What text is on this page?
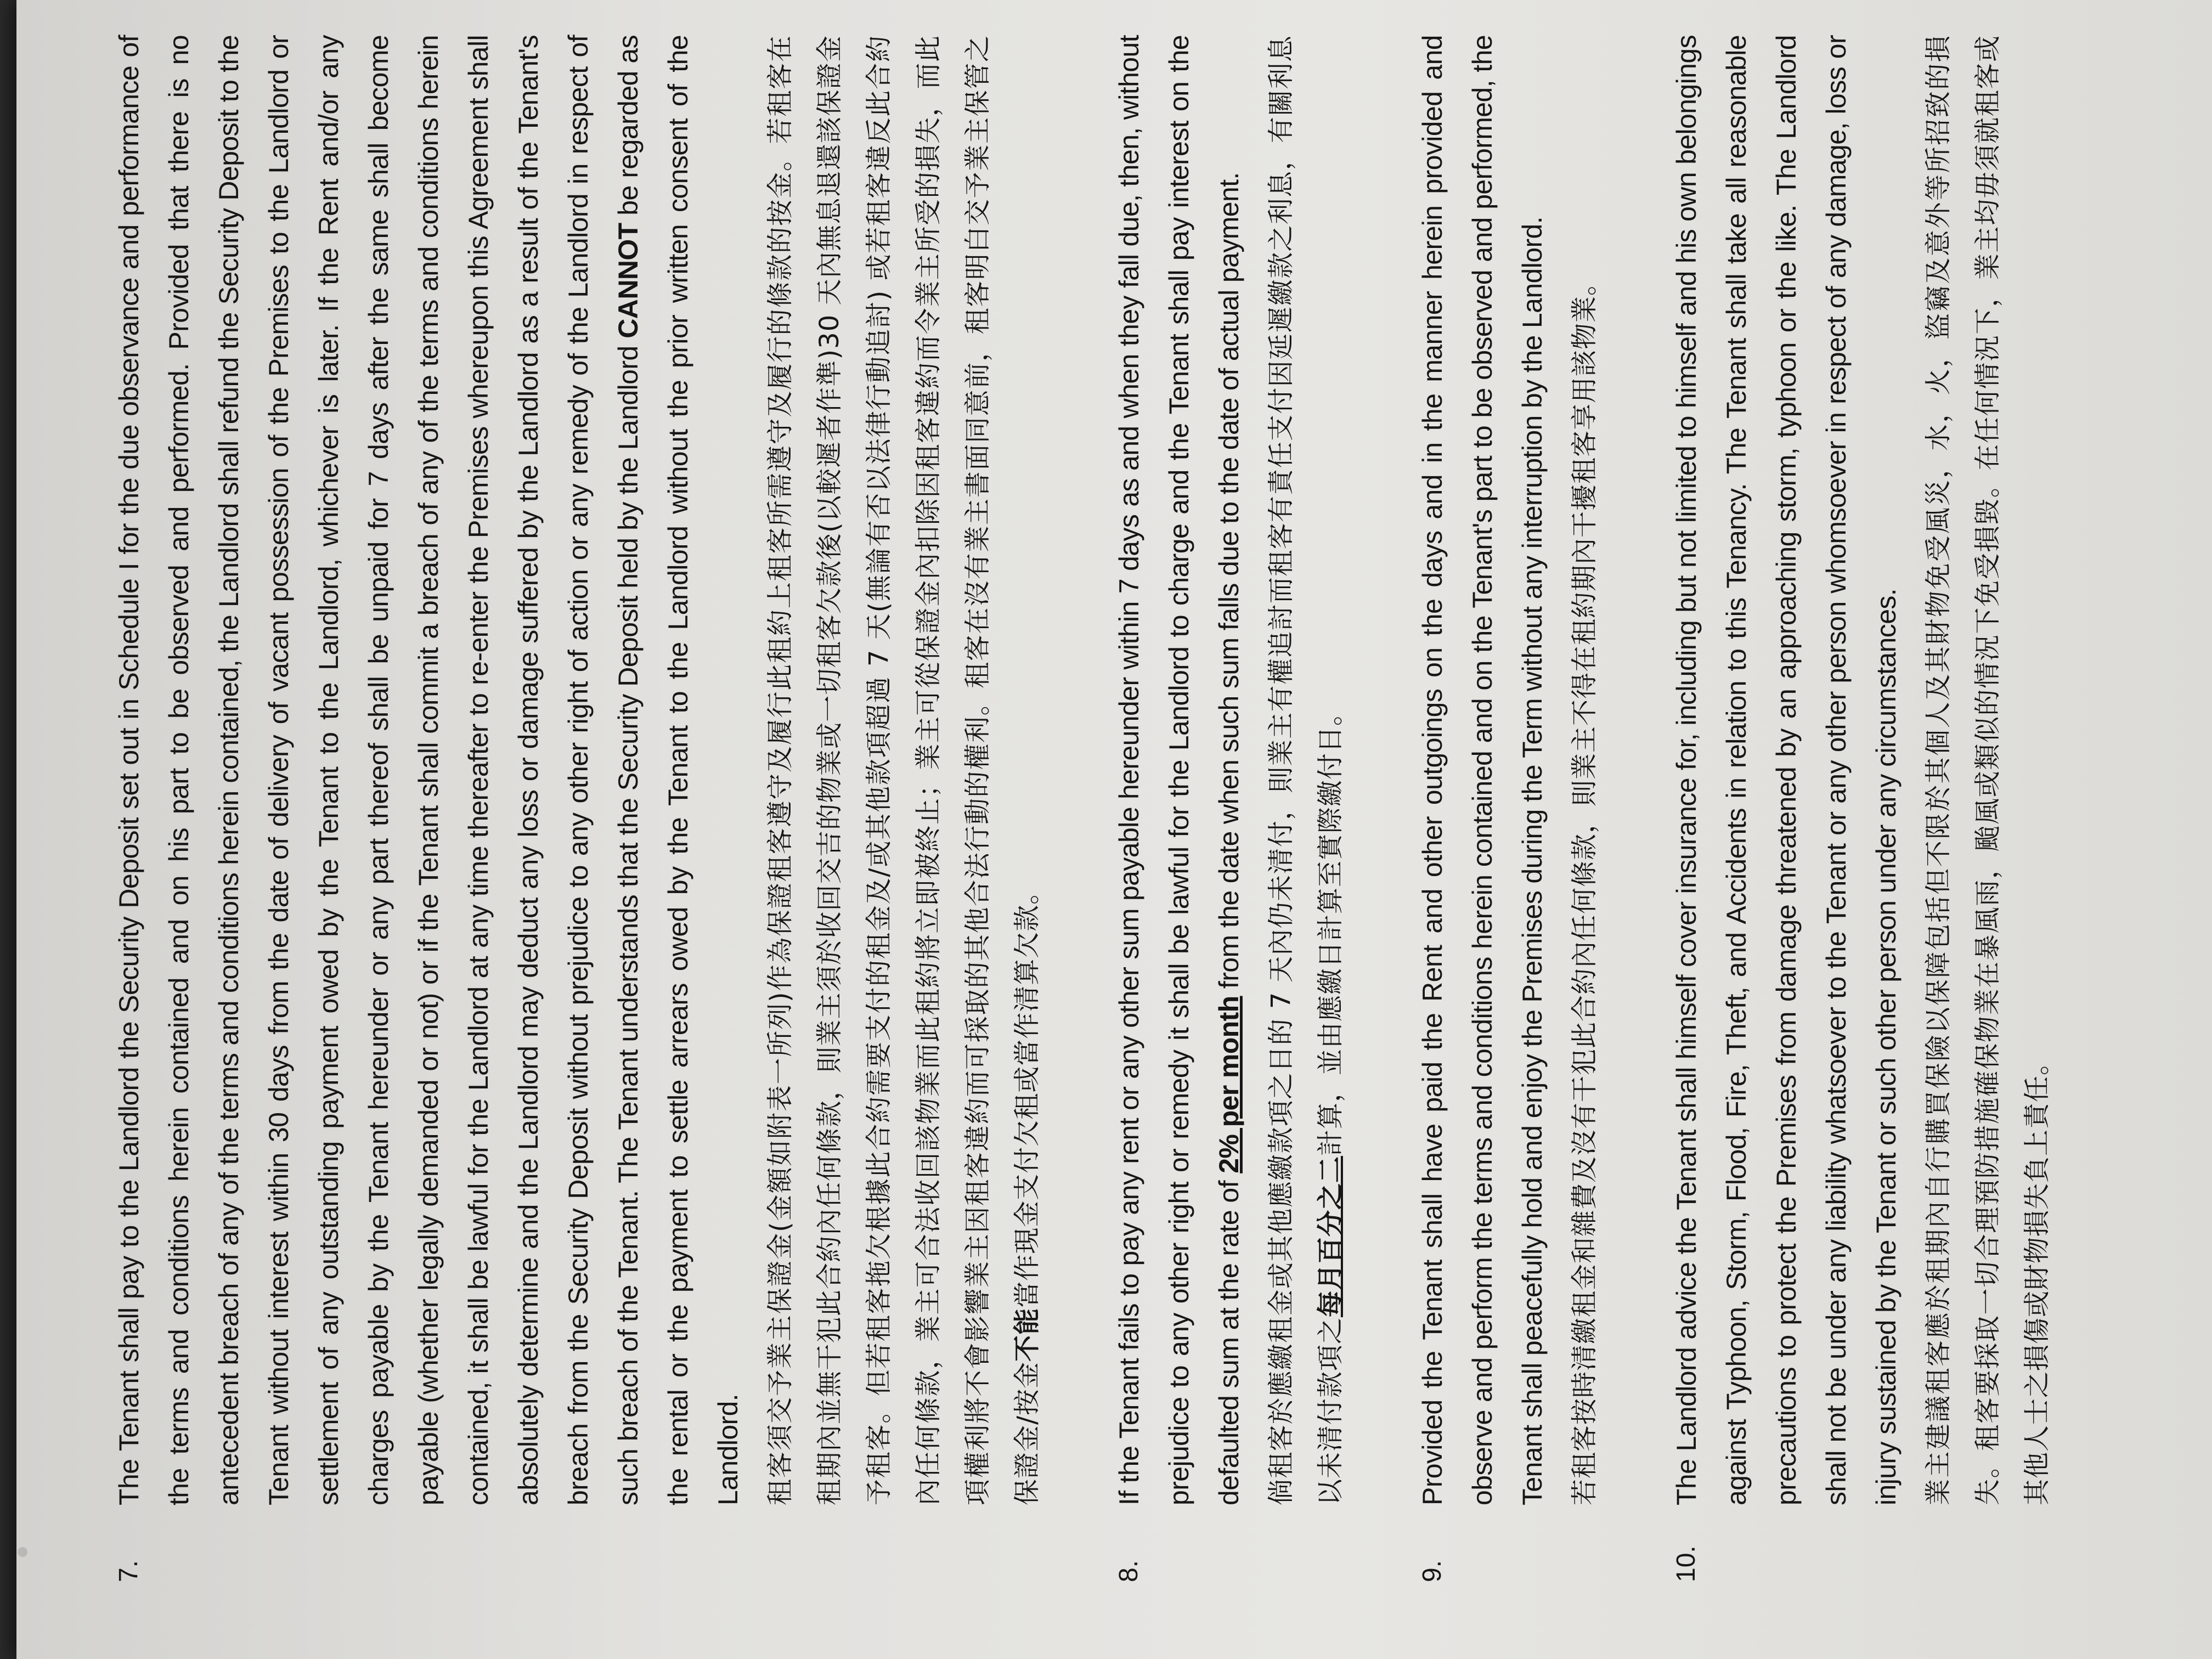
7.

The Tenant shall pay to the Landlord the Security Deposit set out in Schedule I for the due observance and performance of the terms and conditions herein contained and on his part to be observed and performed. Provided that there is no antecedent breach of any of the terms and conditions herein contained, the Landlord shall refund the Security Deposit to the Tenant without interest within 30 days from the date of delivery of vacant possession of the Premises to the Landlord or settlement of any outstanding payment owed by the Tenant to the Landlord, whichever is later. If the Rent and/or any charges payable by the Tenant hereunder or any part thereof shall be unpaid for 7 days after the same shall become payable (whether legally demanded or not) or if the Tenant shall commit a breach of any of the terms and conditions herein contained, it shall be lawful for the Landlord at any time thereafter to re-enter the Premises whereupon this Agreement shall absolutely determine and the Landlord may deduct any loss or damage suffered by the Landlord as a result of the Tenant's breach from the Security Deposit without prejudice to any other right of action or any remedy of the Landlord in respect of such breach of the Tenant. The Tenant understands that the Security Deposit held by the Landlord CANNOT be regarded as the rental or the payment to settle arrears owed by the Tenant to the Landlord without the prior written consent of the Landlord. 租客須交予業主保證金(金額如附表一所列)作為保證租客遵守及履行此租約上租客所需遵守及履行的條款的按金。若租客在租期內並無干犯此合約內任何條款，則業主須於收回交吉的物業或一切租客欠款後(以較遲者作準)30 天內無息退還該保證金予租客。但若租客拖欠根據此合約需要支付的租金及/或其他款項超過 7 天(無論有否以法律行動追討) 或若租客違反此合約內任何條款，業主可合法收回該物業而此租約將立即被終止；業主可從保證金內扣除因租客違約而令業主所受的損失，而此項權利將不會影響業主因租客違約而可採取的其他合法行動的權利。租客在沒有業主書面同意前，租客明白交予業主保管之保證金/按金不能當作現金支付欠租或當作清算欠款。

8.

If the Tenant fails to pay any rent or any other sum payable hereunder within 7 days as and when they fall due, then, without prejudice to any other right or remedy it shall be lawful for the Landlord to charge and the Tenant shall pay interest on the defaulted sum at the rate of 2% per month from the date when such sum falls due to the date of actual payment. 倘租客於應繳租金或其他應繳款項之日的 7 天內仍未清付，則業主有權追討而租客有責任支付因延遲繳款之利息，有關利息以未清付款項之每月百分之二計算，並由應繳日計算至實際繳付日。

9.

Provided the Tenant shall have paid the Rent and other outgoings on the days and in the manner herein provided and observe and perform the terms and conditions herein contained and on the Tenant's part to be observed and performed, the Tenant shall peacefully hold and enjoy the Premises during the Term without any interruption by the Landlord. 若租客按時清繳租金和雜費及沒有干犯此合約內任何條款，則業主不得在租約期內干擾租客享用該物業。

10.

The Landlord advice the Tenant shall himself cover insurance for, including but not limited to himself and his own belongings against Typhoon, Storm, Flood, Fire, Theft, and Accidents in relation to this Tenancy. The Tenant shall take all reasonable precautions to protect the Premises from damage threatened by an approaching storm, typhoon or the like. The Landlord shall not be under any liability whatsoever to the Tenant or any other person whomsoever in respect of any damage, loss or injury sustained by the Tenant or such other person under any circumstances. 業主建議租客應於租期內自行購買保險以保障包括但不限於其個人及其財物免受風災，水，火，盜竊及意外等所招致的損失。租客要採取一切合理預防措施確保物業在暴風雨，颱風或類似的情況下免受損毀。在任何情況下，業主均毋須就租客或其他人士之損傷或財物損失負上責任。
